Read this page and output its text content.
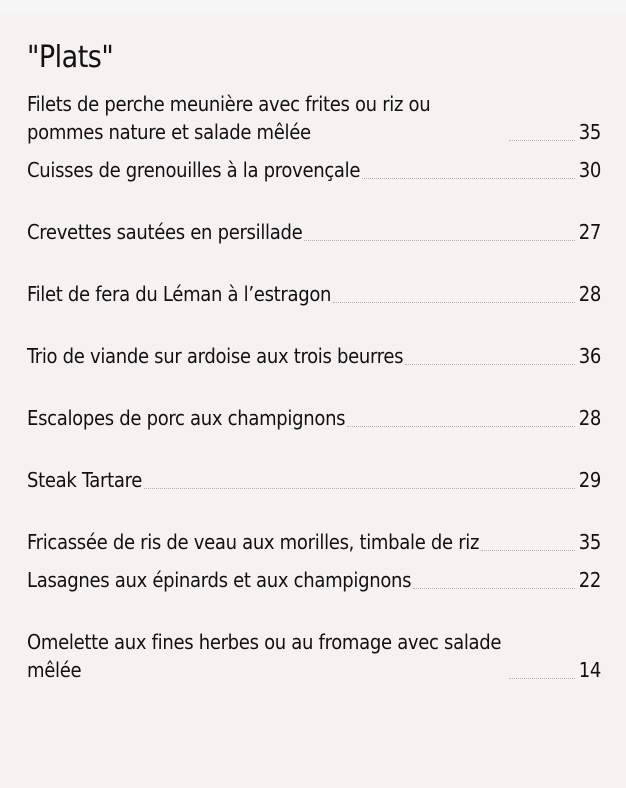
"Plats"
Filets de perche meunière avec frites ou riz ou pommes nature et salade mêlée	35
Cuisses de grenouilles à la provençale	30
Crevettes sautées en persillade	27
Filet de fera du Léman à l’estragon	28
Trio de viande sur ardoise aux trois beurres	36
Escalopes de porc aux champignons	28
Steak Tartare	29
Fricassée de ris de veau aux morilles, timbale de riz	35
Lasagnes aux épinards et aux champignons	22
Omelette aux fines herbes ou au fromage avec salade mêlée	14
